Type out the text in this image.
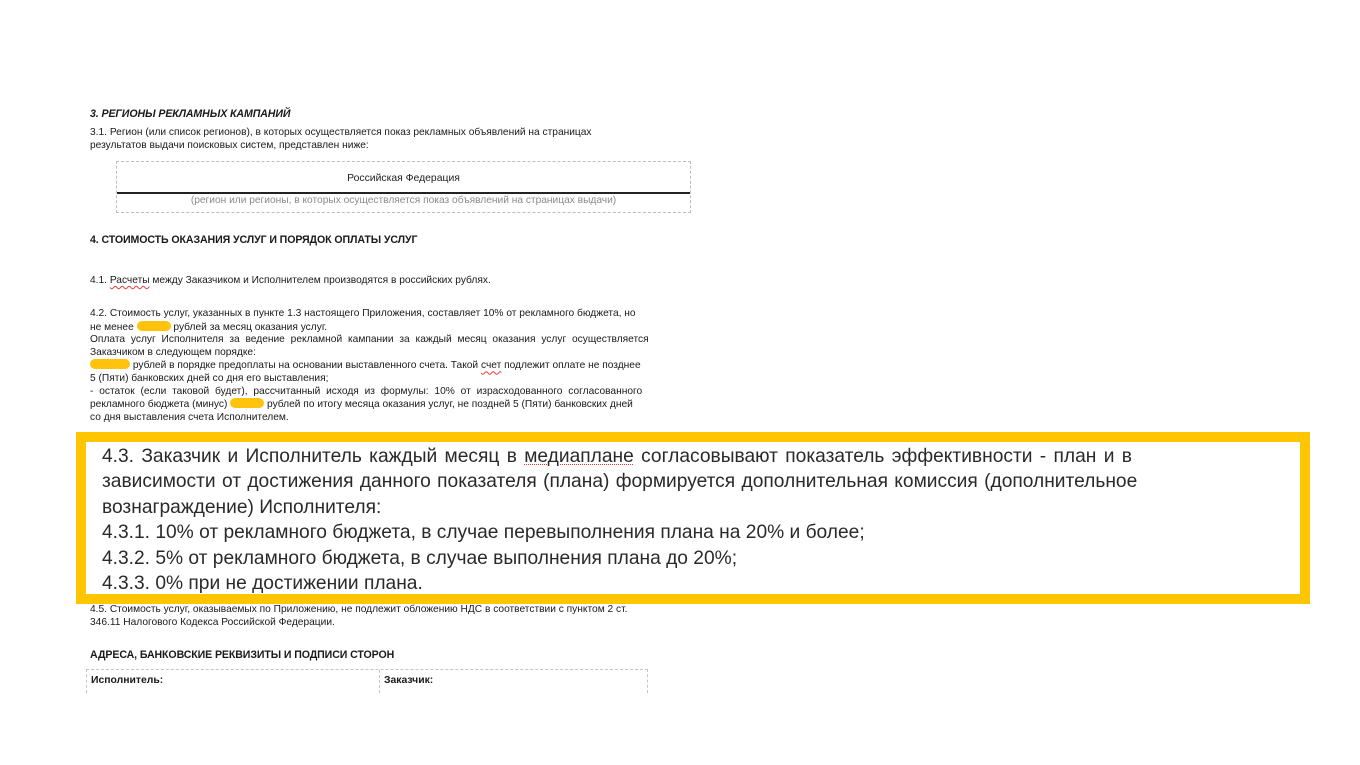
3. РЕГИОНЫ РЕКЛАМНЫХ КАМПАНИЙ
3.1. Регион (или список регионов), в которых осуществляется показ рекламных объявлений на страницах
результатов выдачи поисковых систем, представлен ниже:
Российская Федерация
(регион или регионы, в которых осуществляется показ объявлений на страницах выдачи)
4. СТОИМОСТЬ ОКАЗАНИЯ УСЛУГ И ПОРЯДОК ОПЛАТЫ УСЛУГ
4.1. Расчеты между Заказчиком и Исполнителем производятся в российских рублях.
4.2. Стоимость услуг, указанных в пункте 1.3 настоящего Приложения, составляет 10% от рекламного бюджета, но
не менее	рублей за месяц оказания услуг.
Оплата услуг Исполнителя за ведение рекламной кампании за каждый месяц оказания услуг осуществляется
Заказчиком в следующем порядке:
рублей в порядке предоплаты на основании выставленного счета. Такой счет подлежит оплате не позднее
5 (Пяти) банковских дней со дня его выставления;
- остаток (если таковой будет), рассчитанный исходя из формулы: 10% от израсходованного согласованного
рекламного бюджета (минус)	рублей по итогу месяца оказания услуг, не поздней 5 (Пяти) банковских дней
со дня выставления счета Исполнителем.
4.3. Заказчик и Исполнитель каждый месяц в медиаплане согласовывают показатель эффективности - план и в
зависимости от достижения данного показателя (плана) формируется дополнительная комиссия (дополнительное
вознаграждение) Исполнителя:
4.3.1. 10% от рекламного бюджета, в случае перевыполнения плана на 20% и более;
4.3.2. 5% от рекламного бюджета, в случае выполнения плана до 20%;
4.3.3. 0% при не достижении плана.
4.5. Стоимость услуг, оказываемых по Приложению, не подлежит обложению НДС в соответствии с пунктом 2 ст.
346.11 Налогового Кодекса Российской Федерации.
АДРЕСА, БАНКОВСКИЕ РЕКВИЗИТЫ И ПОДПИСИ СТОРОН
Исполнитель:	Заказчик:
